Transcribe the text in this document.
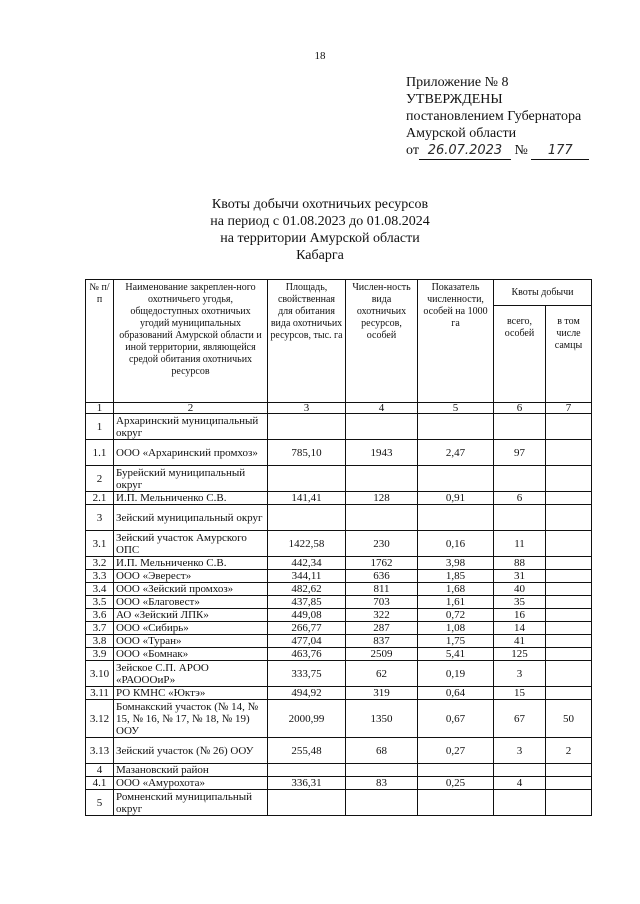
18
Приложение № 8
УТВЕРЖДЕНЫ
постановлением Губернатора
Амурской области
от 26.07.2023 № 177
Квоты добычи охотничьих ресурсов
на период с 01.08.2023 до 01.08.2024
на территории Амурской области
Кабарга
№ п/п	Наименование закреплен-ного охотничьего угодья, общедоступных охотничьих угодий муниципальных образований Амурской области и иной территории, являющейся средой обитания охотничьих ресурсов	Площадь, свойственная для обитания вида охотничьих ресурсов, тыс. га	Числен-ность вида охотничьих ресурсов, особей	Показатель численности, особей на 1000 га	Квоты добычи	
					всего, особей	в том числе самцы
1	2	3	4	5	6	7
1	Архаринский муниципальный округ					
1.1	ООО «Архаринский промхоз»	785,10	1943	2,47	97	
2	Бурейский муниципальный округ					
2.1	И.П. Мельниченко С.В.	141,41	128	0,91	6	
3	Зейский муниципальный округ					
3.1	Зейский участок Амурского ОПС	1422,58	230	0,16	11	
3.2	И.П. Мельниченко С.В.	442,34	1762	3,98	88	
3.3	ООО «Эверест»	344,11	636	1,85	31	
3.4	ООО «Зейский промхоз»	482,62	811	1,68	40	
3.5	ООО «Благовест»	437,85	703	1,61	35	
3.6	АО «Зейский ЛПК»	449,08	322	0,72	16	
3.7	ООО «Сибирь»	266,77	287	1,08	14	
3.8	ООО «Туран»	477,04	837	1,75	41	
3.9	ООО «Бомнак»	463,76	2509	5,41	125	
3.10	Зейское С.П. АРОО «РАОООиР»	333,75	62	0,19	3	
3.11	РО КМНС «Юктэ»	494,92	319	0,64	15	
3.12	Бомнакский участок (№ 14, № 15, № 16, № 17, № 18, № 19) ООУ	2000,99	1350	0,67	67	50
3.13	Зейский участок (№ 26) ООУ	255,48	68	0,27	3	2
4	Мазановский район					
4.1	ООО «Амурохота»	336,31	83	0,25	4	
5	Ромненский муниципальный округ					
